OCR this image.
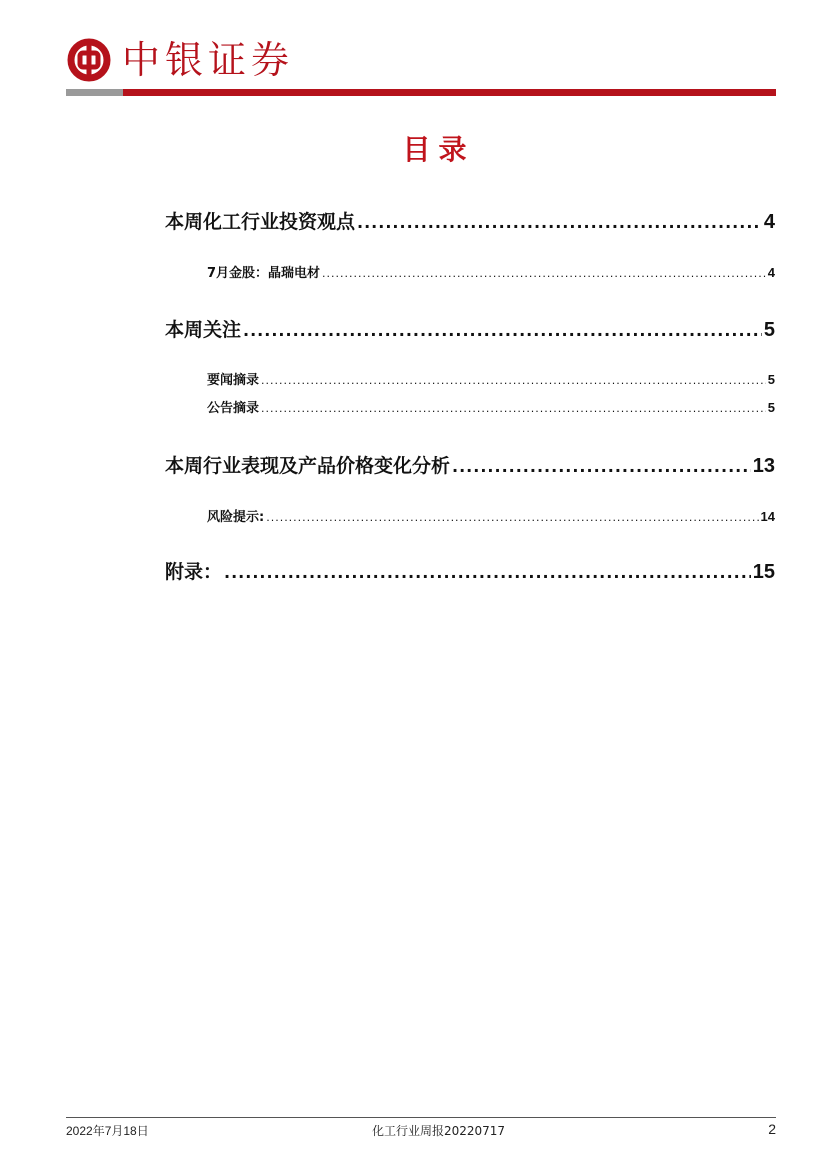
中银证券
目录
本周化工行业投资观点 .....	4
7月金股：晶瑞电材 .....	4
本周关注 .....	5
要闻摘录 .....	5
公告摘录 .....	5
本周行业表现及产品价格变化分析 .....	13
风险提示: .....	14
附录： .....	15
2022年7月18日	化工行业周报20220717	2
